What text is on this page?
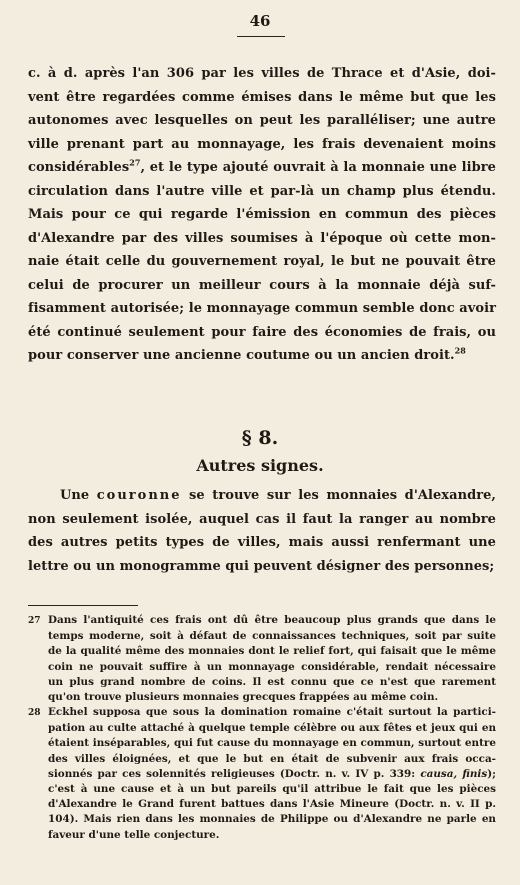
46
c. à d. après l'an 306 par les villes de Thrace et d'Asie, doi-
vent être regardées comme émises dans le même but que les
autonomes avec lesquelles on peut les paralléliser; une autre
ville prenant part au monnayage, les frais devenaient moins
considérables$^{27}$, et le type ajouté ouvrait à la monnaie une libre
circulation dans l'autre ville et par-là un champ plus étendu.
Mais pour ce qui regarde l'émission en commun des pièces
d'Alexandre par des villes soumises à l'époque où cette mon-
naie était celle du gouvernement royal, le but ne pouvait être
celui de procurer un meilleur cours à la monnaie déjà suf-
fisamment autorisée; le monnayage commun semble donc avoir
été continué seulement pour faire des économies de frais, ou
pour conserver une ancienne coutume ou un ancien droit.$^{28}$
§ 8.
Autres signes.
Une couronne se trouve sur les monnaies d'Alexandre,
non seulement isolée, auquel cas il faut la ranger au nombre
des autres petits types de villes, mais aussi renfermant une
lettre ou un monogramme qui peuvent désigner des personnes;
27 Dans l'antiquité ces frais ont dû être beaucoup plus grands que dans le
temps moderne, soit à défaut de connaissances techniques, soit par suite
de la qualité même des monnaies dont le relief fort, qui faisait que le même
coin ne pouvait suffire à un monnayage considérable, rendait nécessaire
un plus grand nombre de coins. Il est connu que ce n'est que rarement
qu'on trouve plusieurs monnaies grecques frappées au même coin.
28 Eckhel supposa que sous la domination romaine c'était surtout la partici-
pation au culte attaché à quelque temple célèbre ou aux fêtes et jeux qui en
étaient inséparables, qui fut cause du monnayage en commun, surtout entre
des villes éloignées, et que le but en était de subvenir aux frais occa-
sionnés par ces solennités religieuses (Doctr. n. v. IV p. 339: causa, finis);
c'est à une cause et à un but pareils qu'il attribue le fait que les pièces
d'Alexandre le Grand furent battues dans l'Asie Mineure (Doctr. n. v. II p.
104). Mais rien dans les monnaies de Philippe ou d'Alexandre ne parle en
faveur d'une telle conjecture.
